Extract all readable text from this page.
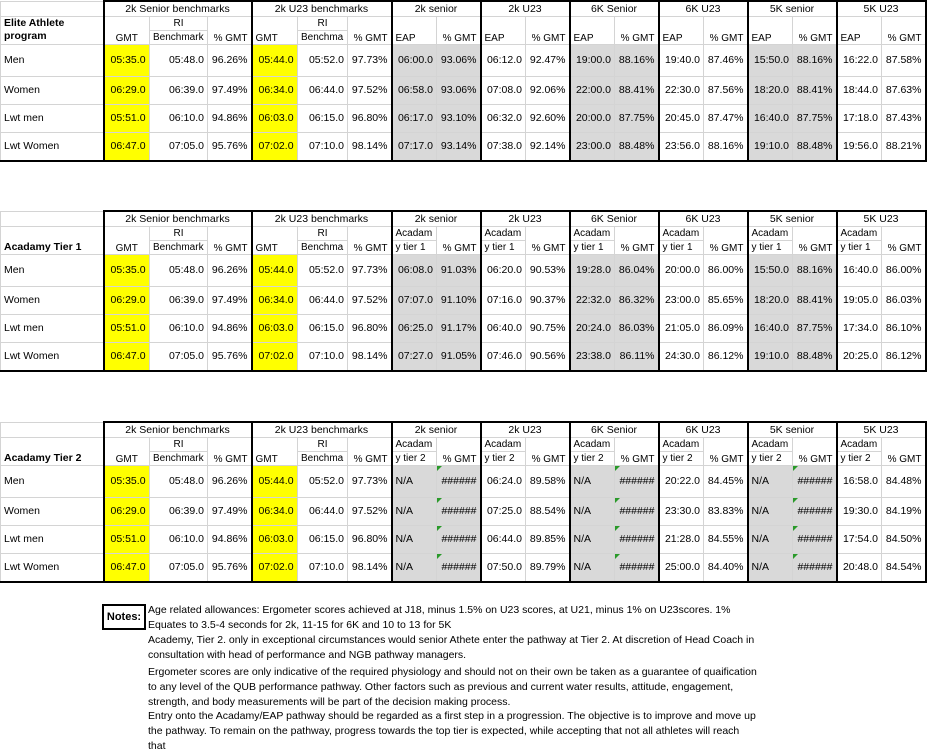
	2k Senior benchmarks			2k U23 benchmarks			2k senior		2k U23		6K Senior		6K U23		5K senior		5K U23	

Elite Athlete
program	GMT	RI	% GMT	GMT	RI	% GMT	EAP	% GMT	EAP	% GMT	EAP	% GMT	EAP	% GMT	EAP	% GMT	EAP	% GMT
		Benchmark			Benchma													
Men	05:35.0	05:48.0	96.26%	05:44.0	05:52.0	97.73%	06:00.0	93.06%	06:12.0	92.47%	19:00.0	88.16%	19:40.0	87.46%	15:50.0	88.16%	16:22.0	87.58%
Women	06:29.0	06:39.0	97.49%	06:34.0	06:44.0	97.52%	06:58.0	93.06%	07:08.0	92.06%	22:00.0	88.41%	22:30.0	87.56%	18:20.0	88.41%	18:44.0	87.63%
Lwt men	05:51.0	06:10.0	94.86%	06:03.0	06:15.0	96.80%	06:17.0	93.10%	06:32.0	92.60%	20:00.0	87.75%	20:45.0	87.47%	16:40.0	87.75%	17:18.0	87.43%
Lwt Women	06:47.0	07:05.0	95.76%	07:02.0	07:10.0	98.14%	07:17.0	93.14%	07:38.0	92.14%	23:00.0	88.48%	23:56.0	88.16%	19:10.0	88.48%	19:56.0	88.21%
	2k Senior benchmarks			2k U23 benchmarks			2k senior		2k U23		6K Senior		6K U23		5K senior		5K U23	
Acadamy Tier 1	GMT	RI	% GMT	GMT	RI	% GMT	Acadam	% GMT	Acadam	% GMT	Acadam	% GMT	Acadam	% GMT	Acadam	% GMT	Acadam	% GMT
		Benchmark			Benchma		y tier 1		y tier 1		y tier 1		y tier 1		y tier 1		y tier 1	
Men	05:35.0	05:48.0	96.26%	05:44.0	05:52.0	97.73%	06:08.0	91.03%	06:20.0	90.53%	19:28.0	86.04%	20:00.0	86.00%	15:50.0	88.16%	16:40.0	86.00%
Women	06:29.0	06:39.0	97.49%	06:34.0	06:44.0	97.52%	07:07.0	91.10%	07:16.0	90.37%	22:32.0	86.32%	23:00.0	85.65%	18:20.0	88.41%	19:05.0	86.03%
Lwt men	05:51.0	06:10.0	94.86%	06:03.0	06:15.0	96.80%	06:25.0	91.17%	06:40.0	90.75%	20:24.0	86.03%	21:05.0	86.09%	16:40.0	87.75%	17:34.0	86.10%
Lwt Women	06:47.0	07:05.0	95.76%	07:02.0	07:10.0	98.14%	07:27.0	91.05%	07:46.0	90.56%	23:38.0	86.11%	24:30.0	86.12%	19:10.0	88.48%	20:25.0	86.12%
	2k Senior benchmarks			2k U23 benchmarks			2k senior		2k U23		6K Senior		6K U23		5K senior		5K U23	
Acadamy Tier 2	GMT	RI	% GMT	GMT	RI	% GMT	Acadam	% GMT	Acadam	% GMT	Acadam	% GMT	Acadam	% GMT	Acadam	% GMT	Acadam	% GMT
		Benchmark			Benchma		y tier 2		y tier 2		y tier 2		y tier 2		y tier 2		y tier 2	
Men	05:35.0	05:48.0	96.26%	05:44.0	05:52.0	97.73%	N/A	######	06:24.0	89.58%	N/A	######	20:22.0	84.45%	N/A	######	16:58.0	84.48%
Women	06:29.0	06:39.0	97.49%	06:34.0	06:44.0	97.52%	N/A	######	07:25.0	88.54%	N/A	######	23:30.0	83.83%	N/A	######	19:30.0	84.19%
Lwt men	05:51.0	06:10.0	94.86%	06:03.0	06:15.0	96.80%	N/A	######	06:44.0	89.85%	N/A	######	21:28.0	84.55%	N/A	######	17:54.0	84.50%
Lwt Women	06:47.0	07:05.0	95.76%	07:02.0	07:10.0	98.14%	N/A	######	07:50.0	89.79%	N/A	######	25:00.0	84.40%	N/A	######	20:48.0	84.54%
Notes:
Age related allowances: Ergometer scores achieved at J18, minus 1.5% on U23 scores, at U21, minus 1% on U23scores. 1% Equates to 3.5-4 seconds for 2k, 11-15 for 6K and 10 to 13 for 5K
Academy, Tier 2. only in exceptional circumstances would senior Athete enter the pathway at Tier 2. At discretion of Head Coach in consultation with head of performance and NGB pathway managers.
Ergometer scores are only indicative of the required physiology and should not on their own be taken as a guarantee of quaification to any level of the QUB performance pathway. Other factors such as previous and current water results, attitude, engagement, strength, and body measurements will be part of the decision making process.
Entry onto the Acadamy/EAP pathway should be regarded as a first step in a progression. The objective is to improve and move up the pathway. To remain on the pathway, progress towards the top tier is expected, while accepting that not all athletes will reach that
